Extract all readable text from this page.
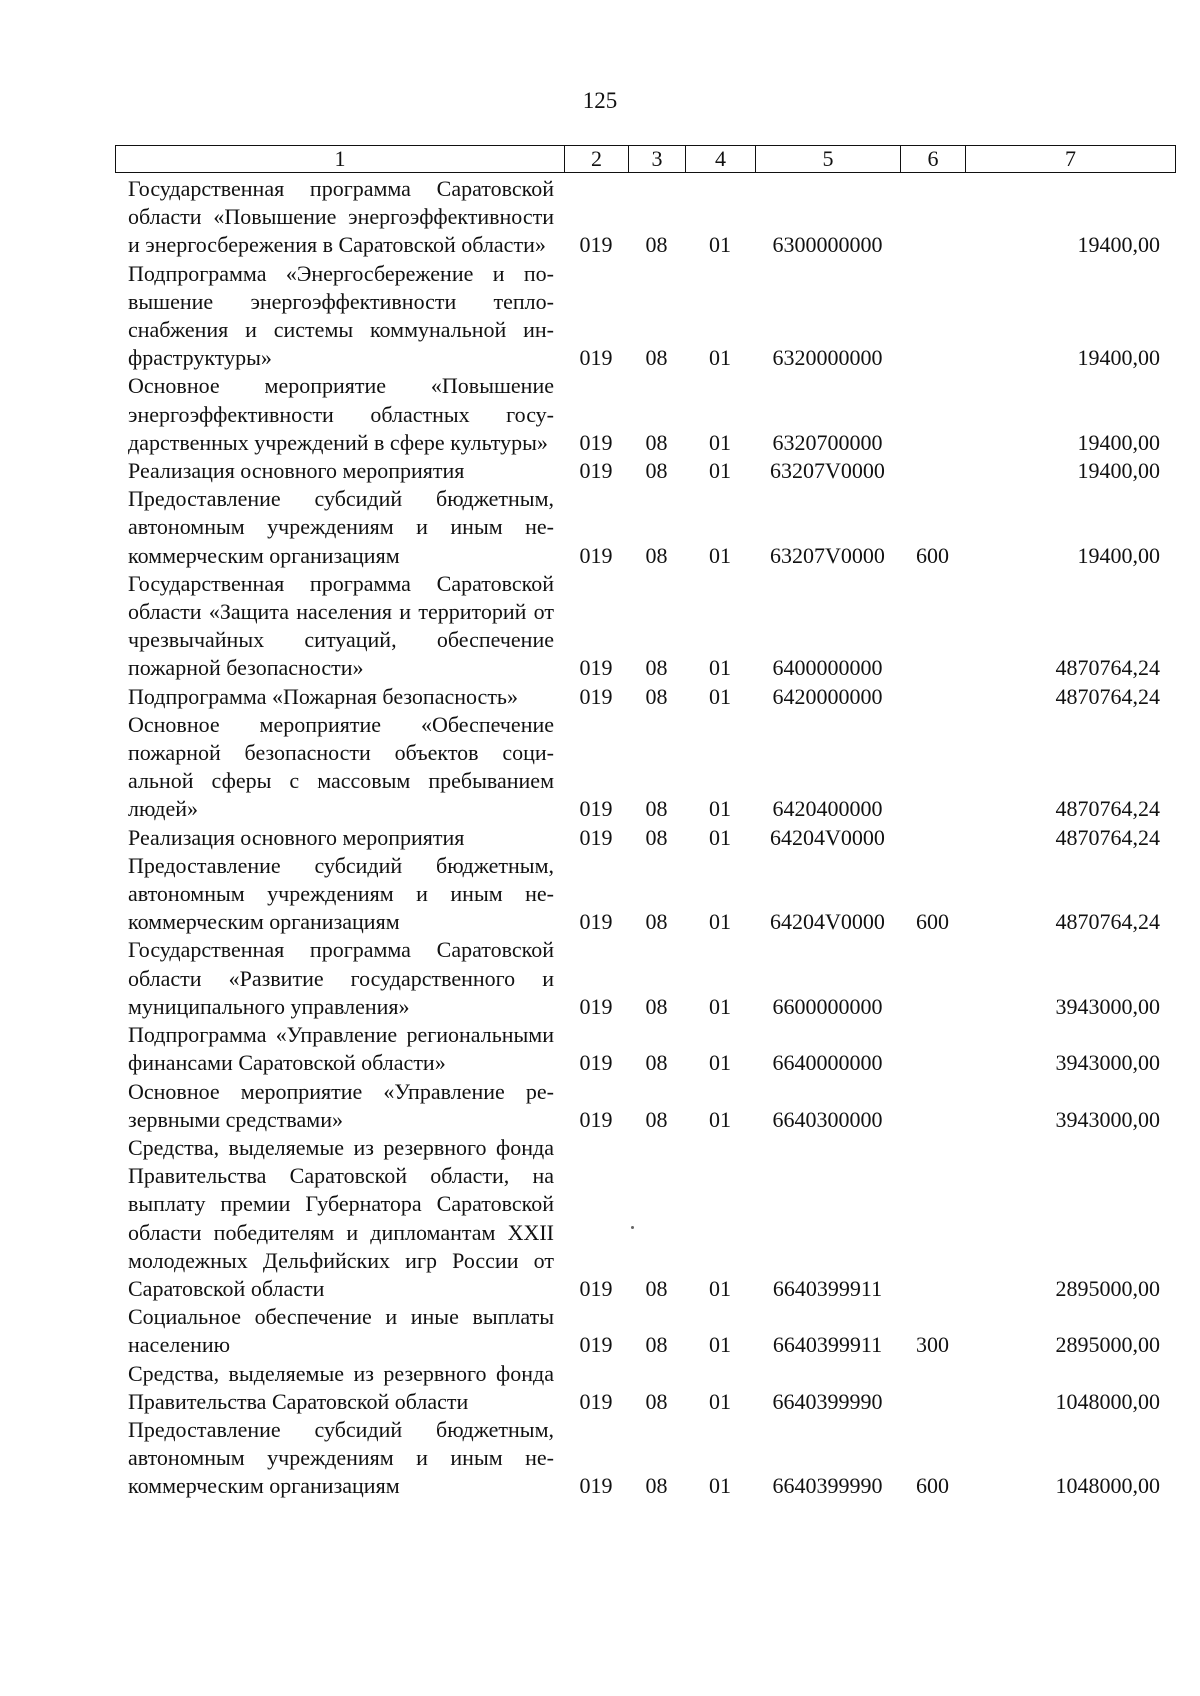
125
1	2	3	4	5	6	7
Государственная программа Саратовской области «Повышение энергоэффективности и энергосбережения в Саратовской области»	019	08	01	6300000000		19400,00
Подпрограмма «Энергосбережение и повышение энергоэффективности теплоснабжения и системы коммунальной инфраструктуры»	019	08	01	6320000000		19400,00
Основное мероприятие «Повышение энергоэффективности областных государственных учреждений в сфере культуры»	019	08	01	6320700000		19400,00
Реализация основного мероприятия	019	08	01	63207V0000		19400,00
Предоставление субсидий бюджетным, автономным учреждениям и иным некоммерческим организациям	019	08	01	63207V0000	600	19400,00
Государственная программа Саратовской области «Защита населения и территорий от чрезвычайных ситуаций, обеспечение пожарной безопасности»	019	08	01	6400000000		4870764,24
Подпрограмма «Пожарная безопасность»	019	08	01	6420000000		4870764,24
Основное мероприятие «Обеспечение пожарной безопасности объектов социальной сферы с массовым пребыванием людей»	019	08	01	6420400000		4870764,24
Реализация основного мероприятия	019	08	01	64204V0000		4870764,24
Предоставление субсидий бюджетным, автономным учреждениям и иным некоммерческим организациям	019	08	01	64204V0000	600	4870764,24
Государственная программа Саратовской области «Развитие государственного и муниципального управления»	019	08	01	6600000000		3943000,00
Подпрограмма «Управление региональными финансами Саратовской области»	019	08	01	6640000000		3943000,00
Основное мероприятие «Управление резервными средствами»	019	08	01	6640300000		3943000,00
Средства, выделяемые из резервного фонда Правительства Саратовской области, на выплату премии Губернатора Саратовской области победителям и дипломантам XXII молодежных Дельфийских игр России от Саратовской области	019	08	01	6640399911		2895000,00
Социальное обеспечение и иные выплаты населению	019	08	01	6640399911	300	2895000,00
Средства, выделяемые из резервного фонда Правительства Саратовской области	019	08	01	6640399990		1048000,00
Предоставление субсидий бюджетным, автономным учреждениям и иным некоммерческим организациям	019	08	01	6640399990	600	1048000,00
